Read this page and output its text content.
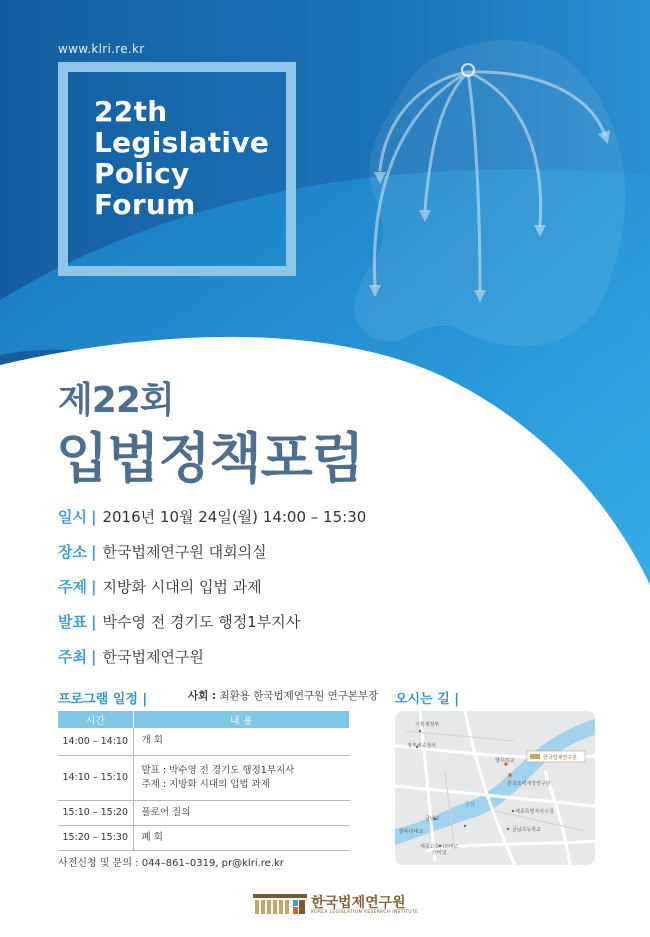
www.klri.re.kr
22th
Legislative
Policy
Forum
제22회
입법정책포럼
일시 | 2016년 10월 24일(월) 14:00 – 15:30
장소 | 한국법제연구원 대회의실
주제 | 지방화 시대의 입법 과제
발표 | 박수영 전 경기도 행정1부지사
주최 | 한국법제연구원
프로그램 일정 |	사회 : 최환용 한국법제연구원 연구본부장
시간	내 용
14:00 – 14:10	개 회
14:10 – 15:10	발표 : 박수영 전 경기도 행정1부지사
주제 : 지방화 시대의 입법 과제

15:10 – 15:20	플로어 질의
15:20 – 15:30	폐 회
사전신청 및 문의 : 044–861–0319, pr@klri.re.kr
오시는 길 |
기획재정부
정부세종청사
햇무리교	한국법제연구원
한국조세재정연구원
금강
세종특별자치시청
금남교
한두리대교	금남초등학교
세종고속시외버스
터미널
한국법제연구원
KOREA LEGISLATION RESEARCH INSTITUTE
